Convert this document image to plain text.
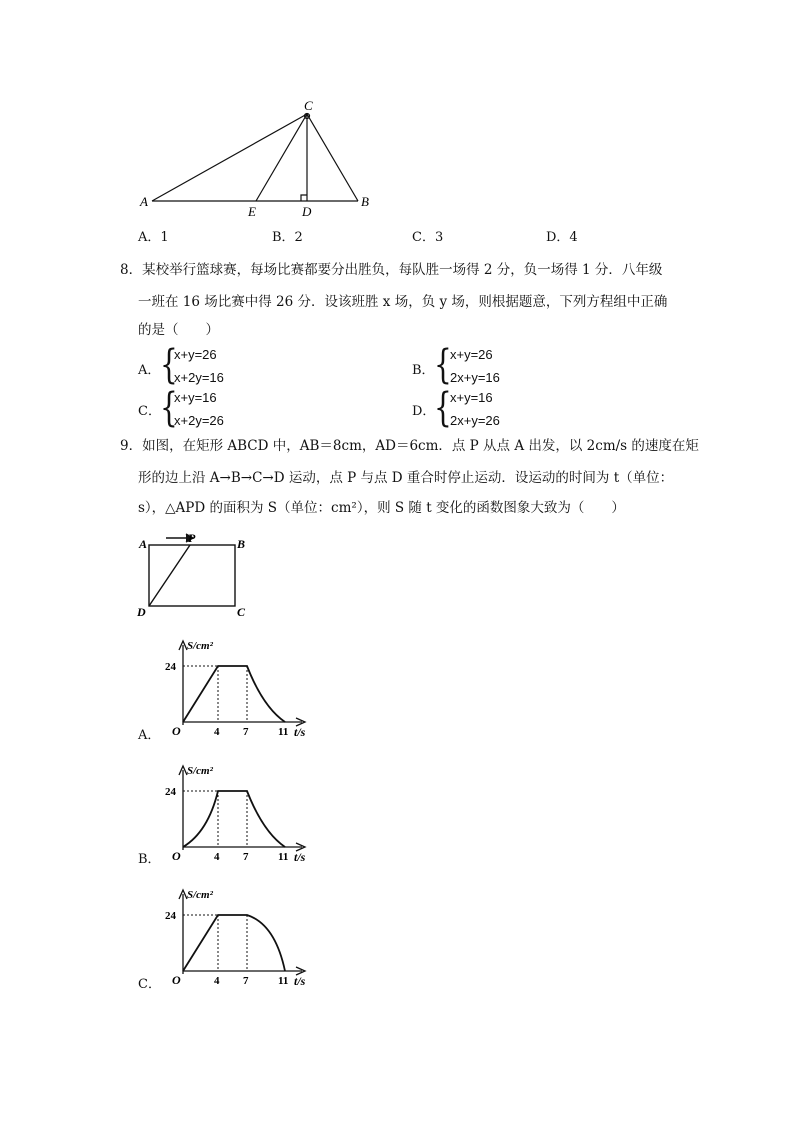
C
A	B
E	D
A．1	B．2	C．3	D．4
8．某校举行篮球赛，每场比赛都要分出胜负，每队胜一场得 2 分，负一场得 1 分．八年级
一班在 16 场比赛中得 26 分．设该班胜 x 场，负 y 场，则根据题意，下列方程组中正确
的是（　　）
A． {
x+y=26
x+2y=16	B． {
x+y=26
2x+y=16
C． {
x+y=16
x+2y=26
D．
{
x+y=16
2x+y=26
9．如图，在矩形 ABCD 中，AB＝8cm，AD＝6cm．点 P 从点 A 出发，以 2cm/s 的速度在矩
形的边上沿 A→B→C→D 运动，点 P 与点 D 重合时停止运动．设运动的时间为 t（单位：
s），△APD 的面积为 S（单位：cm²），则 S 随 t 变化的函数图象大致为（　　）
A	P	B
D	C
S/cm²
24
O	4 7	11 t/s
A．
S/cm²
24
O	4 7	11 t/s
B．
S/cm²
24
O	4 7	11 t/s
C．
